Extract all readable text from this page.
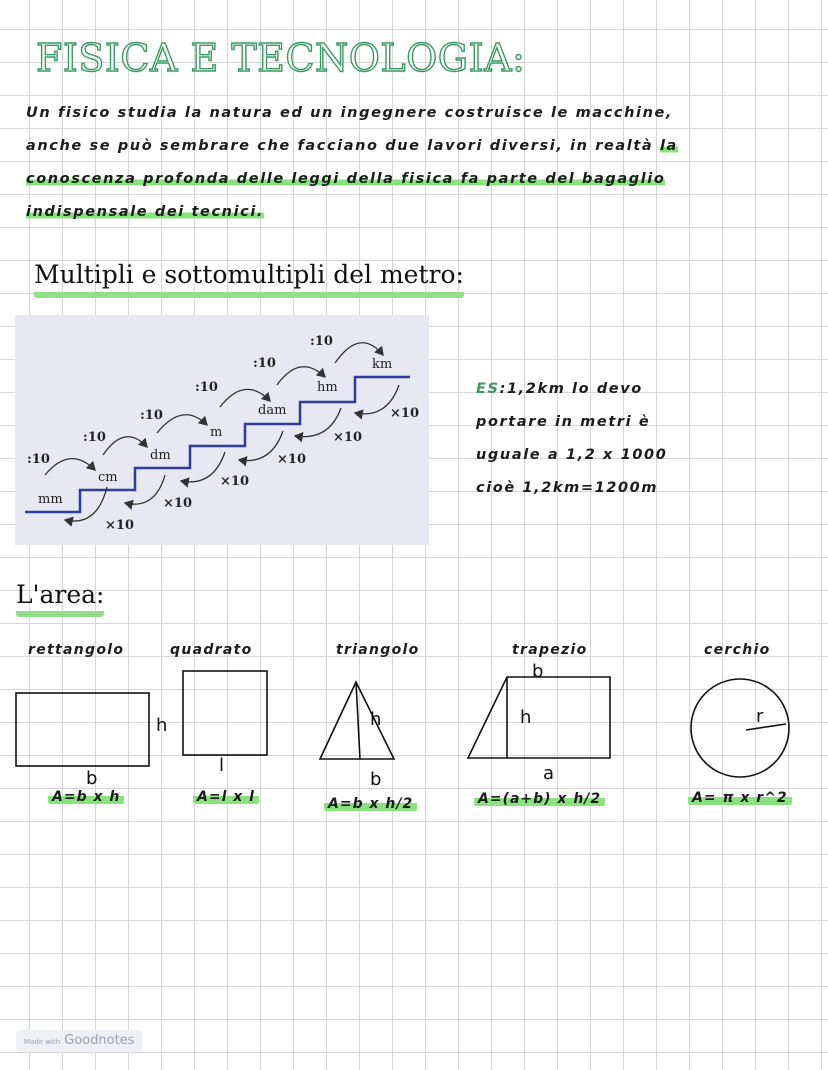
FISICA E TECNOLOGIA:
Un fisico studia la natura ed un ingegnere costruisce le macchine,
anche se può sembrare che facciano due lavori diversi, in realtà la
conoscenza profonda delle leggi della fisica fa parte del bagaglio
indispensale dei tecnici.
Multipli e sottomultipli del metro:
mm
cm
dm
m
dam
hm
km
:10
:10
:10
:10
:10
:10
×10
×10
×10
×10
×10
×10
ES:1,2km lo devo
portare in metri è
uguale a 1,2 x 1000
cioè 1,2km=1200m
L'area:
rettangolo	quadrato	triangolo	trapezio	cerchio
h
b
l
h
b
b
h
a
r
A=b x h	A=l x l	A=b x h/2	A=(a+b) x h/2	A= π x r^2
Made with Goodnotes
